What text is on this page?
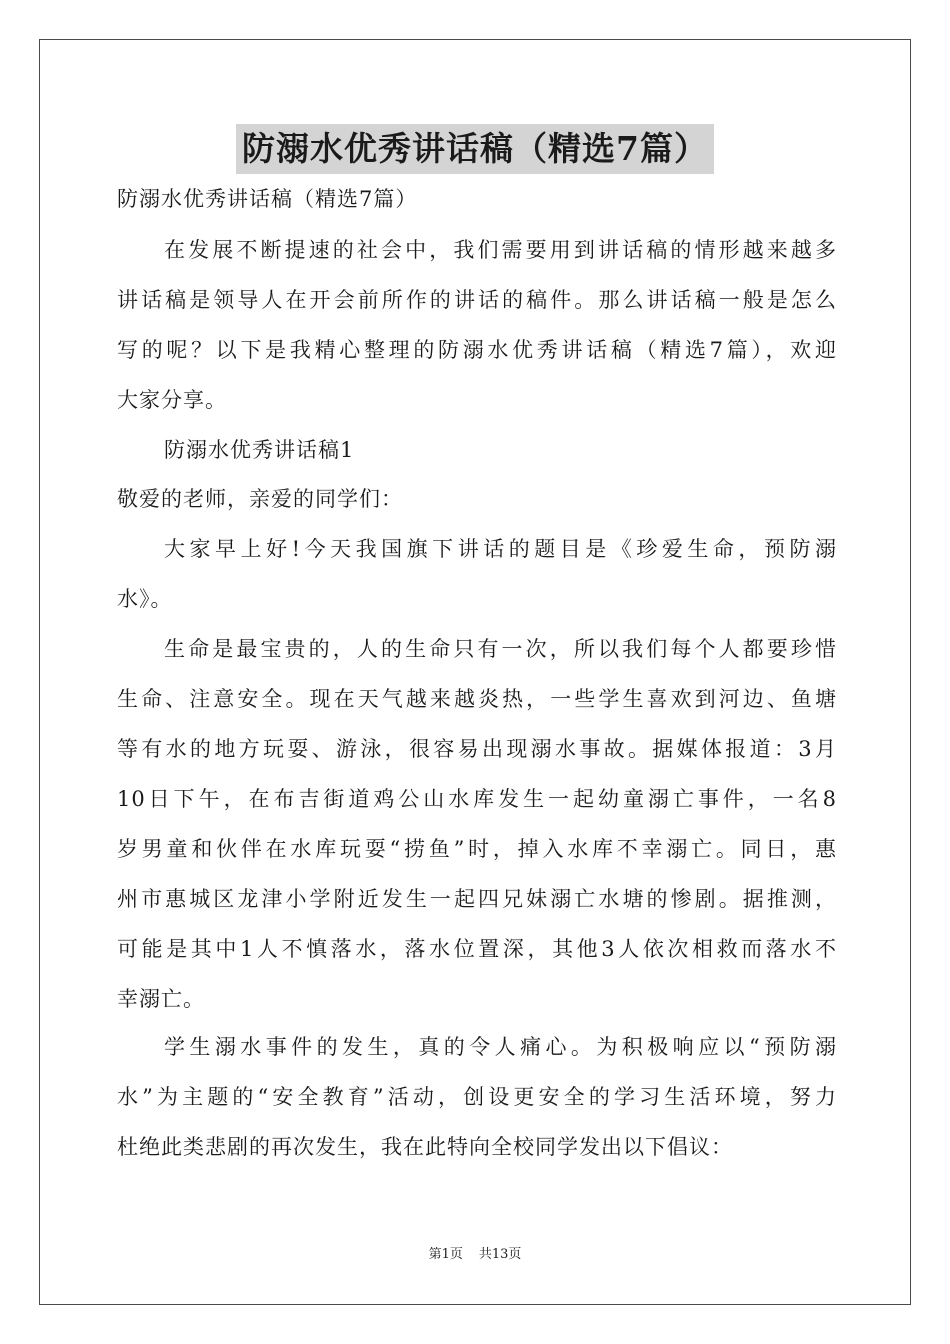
防溺水优秀讲话稿（精选7篇）
防溺水优秀讲话稿（精选7篇）
在发展不断提速的社会中，我们需要用到讲话稿的情形越来越多
讲话稿是领导人在开会前所作的讲话的稿件。那么讲话稿一般是怎么
写的呢？以下是我精心整理的防溺水优秀讲话稿（精选7篇），欢迎
大家分享。
防溺水优秀讲话稿1
敬爱的老师，亲爱的同学们：
大家早上好!今天我国旗下讲话的题目是《珍爱生命，预防溺
水》。
生命是最宝贵的，人的生命只有一次，所以我们每个人都要珍惜
生命、注意安全。现在天气越来越炎热，一些学生喜欢到河边、鱼塘
等有水的地方玩耍、游泳，很容易出现溺水事故。据媒体报道：3月
10日下午，在布吉街道鸡公山水库发生一起幼童溺亡事件，一名8
岁男童和伙伴在水库玩耍“捞鱼”时，掉入水库不幸溺亡。同日，惠
州市惠城区龙津小学附近发生一起四兄妹溺亡水塘的惨剧。据推测，
可能是其中1人不慎落水，落水位置深，其他3人依次相救而落水不
幸溺亡。
学生溺水事件的发生，真的令人痛心。为积极响应以“预防溺
水”为主题的“安全教育”活动，创设更安全的学习生活环境，努力
杜绝此类悲剧的再次发生，我在此特向全校同学发出以下倡议：
第1页 共13页
